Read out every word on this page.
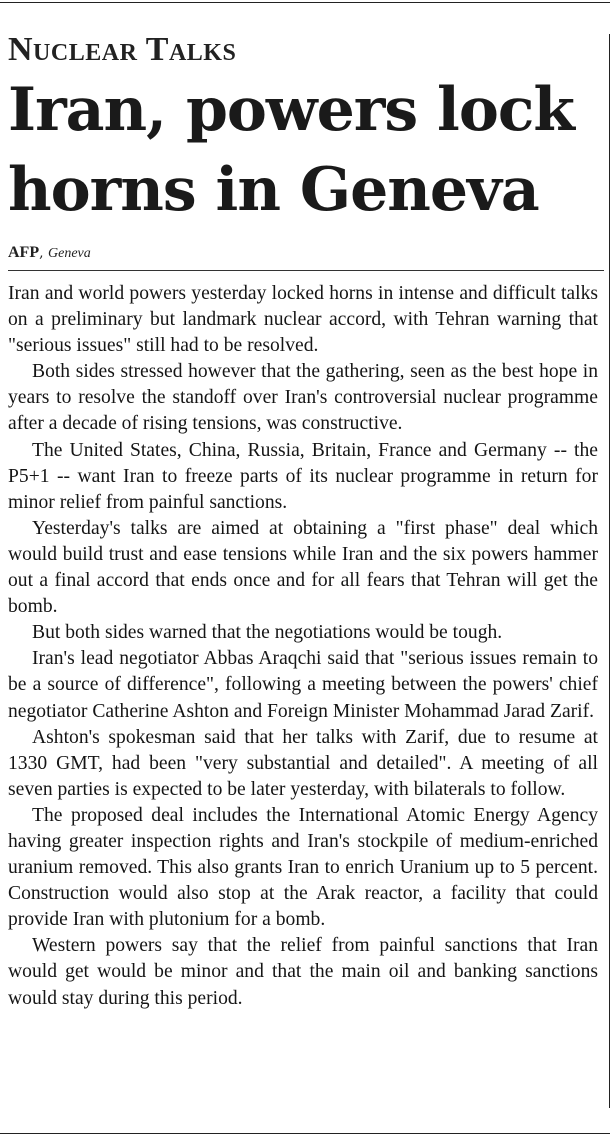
Nuclear Talks
Iran, powers lock
horns in Geneva
AFP, Geneva

Iran and world powers yesterday locked horns in intense and difficult talks on a preliminary but landmark nuclear accord, with Tehran warning that "serious issues" still had to be resolved.

Both sides stressed however that the gathering, seen as the best hope in years to resolve the standoff over Iran's controversial nuclear programme after a decade of rising tensions, was constructive.

The United States, China, Russia, Britain, France and Germany -- the P5+1 -- want Iran to freeze parts of its nuclear programme in return for minor relief from painful sanctions.

Yesterday's talks are aimed at obtaining a "first phase" deal which would build trust and ease tensions while Iran and the six powers hammer out a final accord that ends once and for all fears that Tehran will get the bomb.

But both sides warned that the negotiations would be tough.

Iran's lead negotiator Abbas Araqchi said that "serious issues remain to be a source of difference", following a meeting between the powers' chief negotiator Catherine Ashton and Foreign Minister Mohammad Jarad Zarif.

Ashton's spokesman said that her talks with Zarif, due to resume at 1330 GMT, had been "very substantial and detailed". A meeting of all seven parties is expected to be later yesterday, with bilaterals to follow.

The proposed deal includes the International Atomic Energy Agency having greater inspection rights and Iran's stockpile of medium-enriched uranium removed. This also grants Iran to enrich Uranium up to 5 percent. Construction would also stop at the Arak reactor, a facility that could provide Iran with plutonium for a bomb.

Western powers say that the relief from painful sanctions that Iran would get would be minor and that the main oil and banking sanctions would stay during this period.
